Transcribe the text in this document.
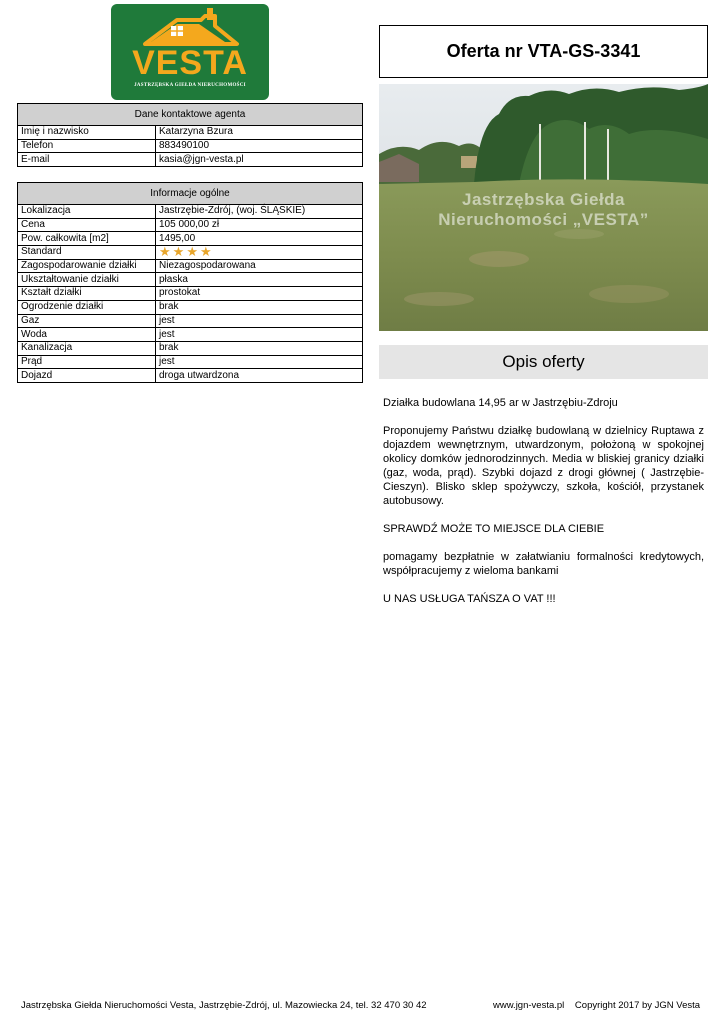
VESTA
JASTRZĘBSKA GIEŁDA NIERUCHOMOŚCI
Oferta nr VTA-GS-3341
Dane kontaktowe agenta	
Imię i nazwisko	Katarzyna Bzura
Telefon	883490100
E-mail	kasia@jgn-vesta.pl
Informacje ogólne	
Lokalizacja	Jastrzębie-Zdrój, (woj. ŚLĄSKIE)
Cena	105 000,00 zł
Pow. całkowita [m2]	1495,00
Standard	★ ★ ★ ★

Zagospodarowanie działki	Niezagospodarowana
Ukształtowanie działki	płaska
Kształt działki	prostokat
Ogrodzenie działki	brak
Gaz	jest
Woda	jest
Kanalizacja	brak
Prąd	jest
Dojazd	droga utwardzona
Jastrzębska Giełda
Nieruchomości „VESTA”
Opis oferty

Działka budowlana 14,95 ar w Jastrzębiu-Zdroju

Proponujemy Państwu działkę budowlaną w dzielnicy Ruptawa z dojazdem wewnętrznym, utwardzonym, położoną w spokojnej okolicy domków jednorodzinnych. Media w bliskiej granicy działki (gaz, woda, prąd). Szybki dojazd z drogi głównej ( Jastrzębie-Cieszyn). Blisko sklep spożywczy, szkoła, kościół, przystanek autobusowy.

SPRAWDŹ MOŻE TO MIEJSCE DLA CIEBIE

pomagamy bezpłatnie w załatwianiu formalności kredytowych, współpracujemy z wieloma bankami

U NAS USŁUGA TAŃSZA O VAT !!!

Jastrzębska Giełda Nieruchomości Vesta, Jastrzębie-Zdrój, ul. Mazowiecka 24, tel. 32 470 30 42	www.jgn-vesta.pl Copyright 2017 by JGN Vesta
